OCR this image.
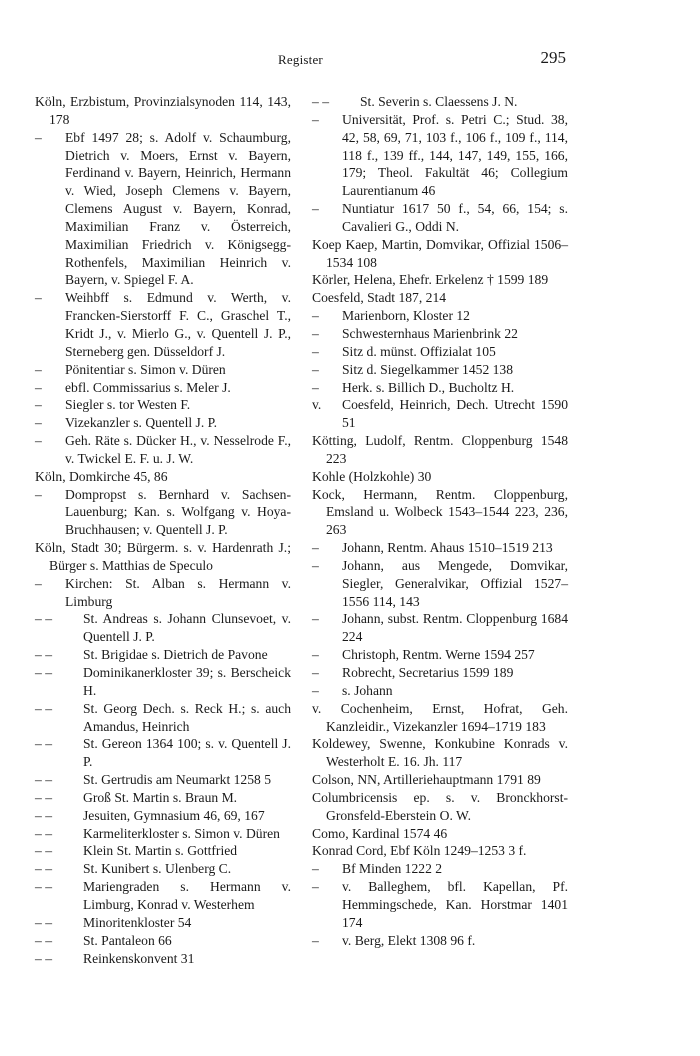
Register	295
Köln, Erzbistum, Provinzialsynoden 114, 143, 178
– Ebf 1497 28; s. Adolf v. Schaumburg, Dietrich v. Moers, Ernst v. Bayern, Ferdinand v. Bayern, Heinrich, Hermann v. Wied, Joseph Clemens v. Bayern, Clemens August v. Bayern, Konrad, Maximilian Franz v. Österreich, Maximilian Friedrich v. Königsegg-Rothenfels, Maximilian Heinrich v. Bayern, v. Spiegel F. A.
– Weihbff s. Edmund v. Werth, v. Francken-Sierstorff F. C., Graschel T., Kridt J., v. Mierlo G., v. Quentell J. P., Sterneberg gen. Düsseldorf J.
– Pönitentiar s. Simon v. Düren
– ebfl. Commissarius s. Meler J.
– Siegler s. tor Westen F.
– Vizekanzler s. Quentell J. P.
– Geh. Räte s. Dücker H., v. Nesselrode F., v. Twickel E. F. u. J. W.
Köln, Domkirche 45, 86
– Dompropst s. Bernhard v. Sachsen-Lauenburg; Kan. s. Wolfgang v. Hoya-Bruchhausen; v. Quentell J. P.
Köln, Stadt 30; Bürgerm. s. v. Hardenrath J.; Bürger s. Matthias de Speculo
– Kirchen: St. Alban s. Hermann v. Limburg
– – St. Andreas s. Johann Clunsevoet, v. Quentell J. P.
– – St. Brigidae s. Dietrich de Pavone
– – Dominikanerkloster 39; s. Berscheick H.
– – St. Georg Dech. s. Reck H.; s. auch Amandus, Heinrich
– – St. Gereon 1364 100; s. v. Quentell J. P.
– – St. Gertrudis am Neumarkt 1258 5
– – Groß St. Martin s. Braun M.
– – Jesuiten, Gymnasium 46, 69, 167
– – Karmeliterkloster s. Simon v. Düren
– – Klein St. Martin s. Gottfried
– – St. Kunibert s. Ulenberg C.
– – Mariengraden s. Hermann v. Limburg, Konrad v. Westerhem
– – Minoritenkloster 54
– – St. Pantaleon 66
– – Reinkenskonvent 31
– – St. Severin s. Claessens J. N.
– Universität, Prof. s. Petri C.; Stud. 38, 42, 58, 69, 71, 103 f., 106 f., 109 f., 114, 118 f., 139 ff., 144, 147, 149, 155, 166, 179; Theol. Fakultät 46; Collegium Laurentianum 46
– Nuntiatur 1617 50 f., 54, 66, 154; s. Cavalieri G., Oddi N.
Koep Kaep, Martin, Domvikar, Offizial 1506–1534 108
Körler, Helena, Ehefr. Erkelenz † 1599 189
Coesfeld, Stadt 187, 214
– Marienborn, Kloster 12
– Schwesternhaus Marienbrink 22
– Sitz d. münst. Offizialat 105
– Sitz d. Siegelkammer 1452 138
– Herk. s. Billich D., Bucholtz H.
v. Coesfeld, Heinrich, Dech. Utrecht 1590 51
Kötting, Ludolf, Rentm. Cloppenburg 1548 223
Kohle (Holzkohle) 30
Kock, Hermann, Rentm. Cloppenburg, Emsland u. Wolbeck 1543–1544 223, 236, 263
– Johann, Rentm. Ahaus 1510–1519 213
– Johann, aus Mengede, Domvikar, Siegler, Generalvikar, Offizial 1527–1556 114, 143
– Johann, subst. Rentm. Cloppenburg 1684 224
– Christoph, Rentm. Werne 1594 257
– Robrecht, Secretarius 1599 189
– s. Johann
v. Cochenheim, Ernst, Hofrat, Geh. Kanzleidir., Vizekanzler 1694–1719 183
Koldewey, Swenne, Konkubine Konrads v. Westerholt E. 16. Jh. 117
Colson, NN, Artilleriehauptmann 1791 89
Columbricensis ep. s. v. Bronckhorst-Gronsfeld-Eberstein O. W.
Como, Kardinal 1574 46
Konrad Cord, Ebf Köln 1249–1253 3 f.
– Bf Minden 1222 2
– v. Balleghem, bfl. Kapellan, Pf. Hemmingschede, Kan. Horstmar 1401 174
– v. Berg, Elekt 1308 96 f.
